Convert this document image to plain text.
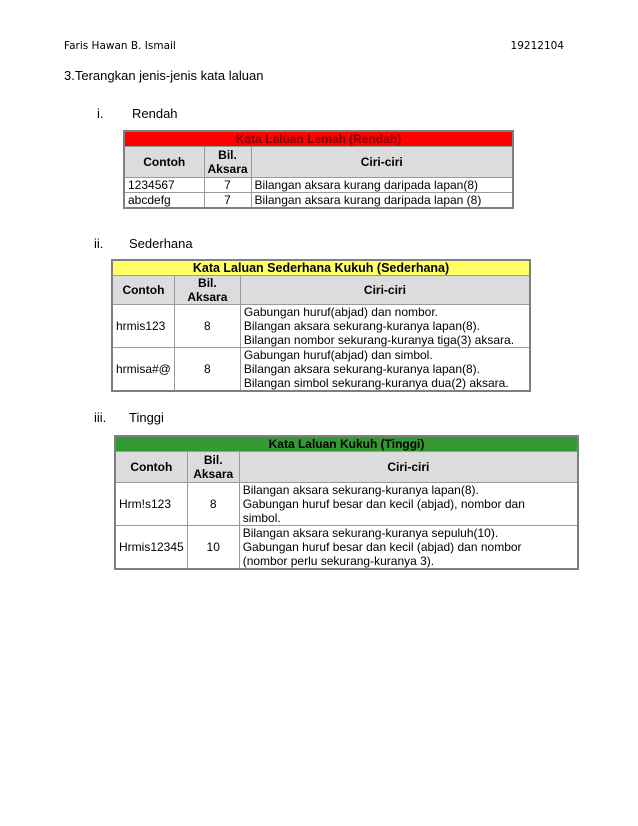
Faris Hawan B. Ismail	19212104
3.Terangkan jenis-jenis kata laluan
i. Rendah
Kata Laluan Lemah (Rendah)		
Contoh	Bil. Aksara	Ciri-ciri
1234567	7	Bilangan aksara kurang daripada lapan(8)
abcdefg	7	Bilangan aksara kurang daripada lapan (8)
ii. Sederhana
Kata Laluan Sederhana Kukuh (Sederhana)		
Contoh	Bil. Aksara	Ciri-ciri
hrmis123	8	Gabungan huruf(abjad) dan nombor.
Bilangan aksara sekurang-kuranya lapan(8).
Bilangan nombor sekurang-kuranya tiga(3) aksara.

hrmisa#@	8	Gabungan huruf(abjad) dan simbol.
Bilangan aksara sekurang-kuranya lapan(8).
Bilangan simbol sekurang-kuranya dua(2) aksara.
iii. Tinggi
Kata Laluan Kukuh (Tinggi)		
Contoh	Bil. Aksara	Ciri-ciri
Hrm!s123	8	Bilangan aksara sekurang-kuranya lapan(8).
Gabungan huruf besar dan kecil (abjad), nombor dan
simbol.

Hrmis12345	10	Bilangan aksara sekurang-kuranya sepuluh(10).
Gabungan huruf besar dan kecil (abjad) dan nombor
(nombor perlu sekurang-kuranya 3).
